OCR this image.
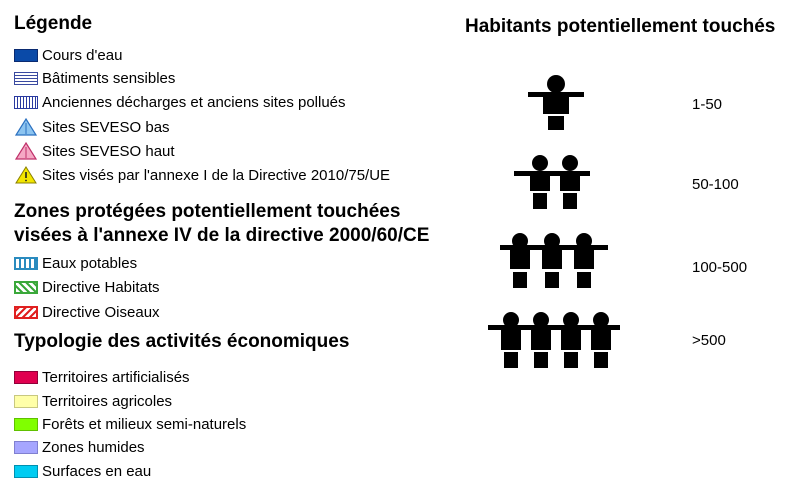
Légende
Cours d'eau
Bâtiments sensibles
Anciennes décharges et anciens sites pollués
Sites SEVESO bas
Sites SEVESO haut
Sites visés par l'annexe I de la Directive 2010/75/UE
Zones protégées potentiellement touchées
visées à l'annexe IV de la directive 2000/60/CE
Eaux potables
Directive Habitats
Directive Oiseaux
Typologie des activités économiques
Territoires artificialisés
Territoires agricoles
Forêts et milieux semi-naturels
Zones humides
Surfaces en eau
Habitants potentiellement touchés
1-50
50-100
100-500
>500
